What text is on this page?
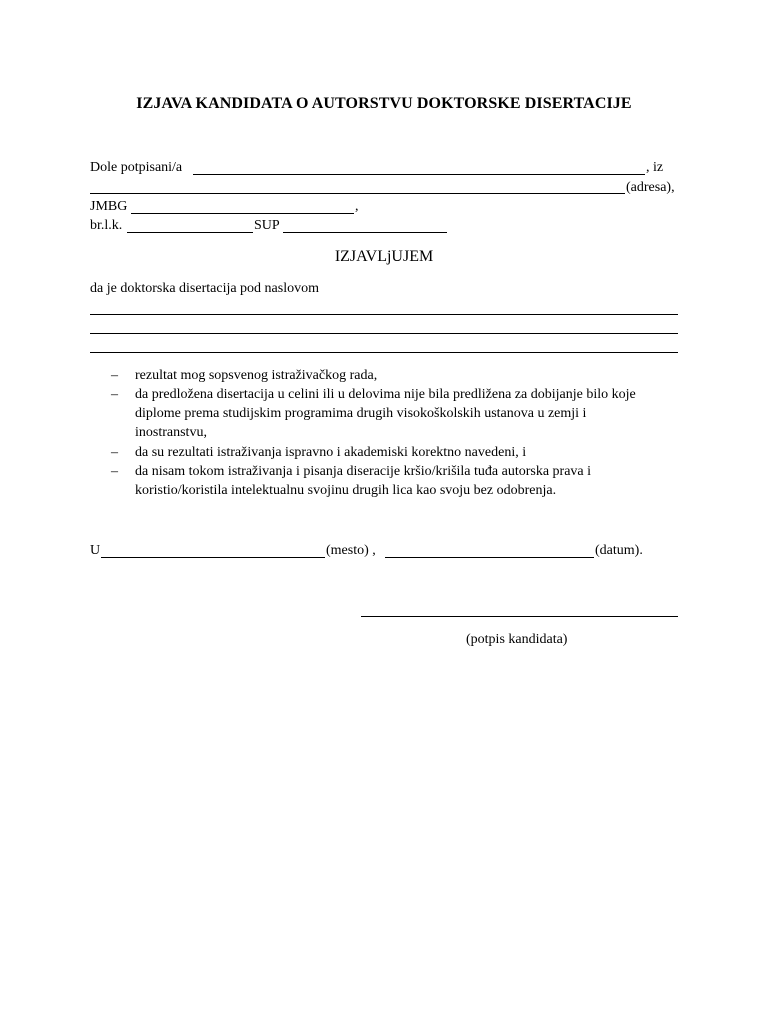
IZJAVA KANDIDATA O AUTORSTVU DOKTORSKE DISERTACIJE
Dole potpisani/a	, iz
(adresa),
JMBG	,
br.l.k.	SUP
IZJAVLjUJEM
da je doktorska disertacija pod naslovom
– rezultat mog sopsvenog istraživačkog rada,
– da predložena disertacija u celini ili u delovima nije bila predližena za dobijanje bilo koje
diplome prema studijskim programima drugih visokoškolskih ustanova u zemji i
inostranstvu,
– da su rezultati istraživanja ispravno i akademiski korektno navedeni, i
– da nisam tokom istraživanja i pisanja diseracije kršio/krišila tuđa autorska prava i
koristio/koristila intelektualnu svojinu drugih lica kao svoju bez odobrenja.
U	(mesto) ,	(datum).
(potpis kandidata)
